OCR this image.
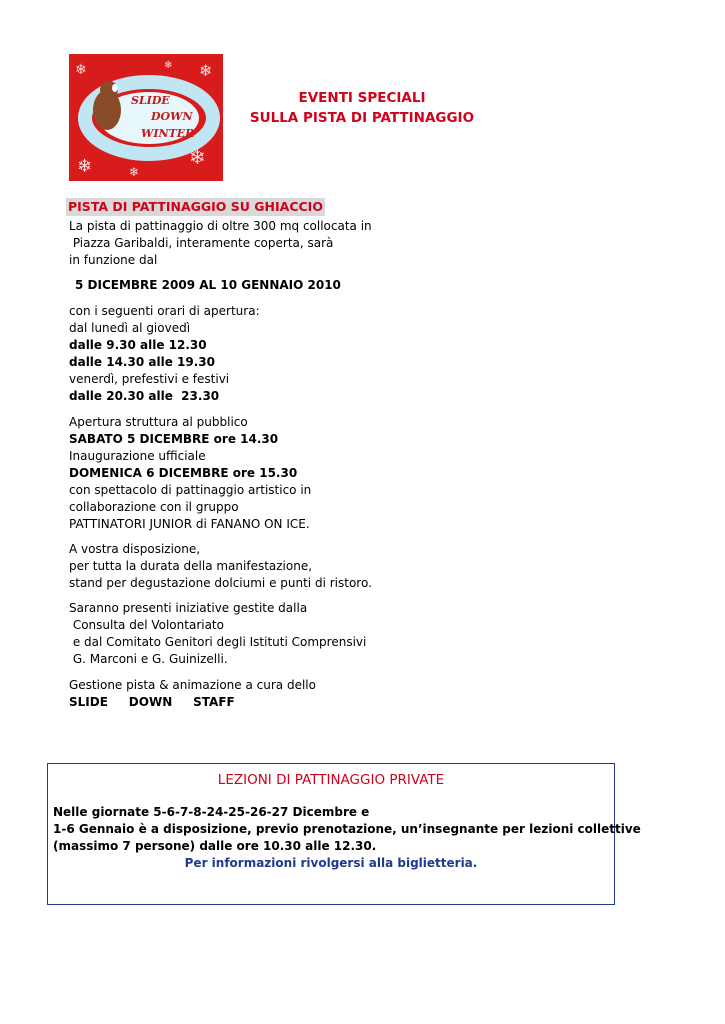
❄	❄
❄
❄
❄
❄
❄
SLIDE
DOWN
WINTER
EVENTI SPECIALI
SULLA PISTA DI PATTINAGGIO
PISTA DI PATTINAGGIO SU GHIACCIO
La pista di pattinaggio di oltre 300 mq collocata in
Piazza Garibaldi, interamente coperta, sarà
in funzione dal
5 DICEMBRE 2009 AL 10 GENNAIO 2010
con i seguenti orari di apertura:
dal lunedì al giovedì
dalle 9.30 alle 12.30
dalle 14.30 alle 19.30
venerdì, prefestivi e festivi
dalle 20.30 alle  23.30
Apertura struttura al pubblico
SABATO 5 DICEMBRE ore 14.30
Inaugurazione ufficiale
DOMENICA 6 DICEMBRE ore 15.30
con spettacolo di pattinaggio artistico in
collaborazione con il gruppo
PATTINATORI JUNIOR di FANANO ON ICE.
A vostra disposizione,
per tutta la durata della manifestazione,
stand per degustazione dolciumi e punti di ristoro.
Saranno presenti iniziative gestite dalla
Consulta del Volontariato
e dal Comitato Genitori degli Istituti Comprensivi
G. Marconi e G. Guinizelli.
Gestione pista & animazione a cura dello
SLIDE     DOWN     STAFF
LEZIONI DI PATTINAGGIO PRIVATE
Nelle giornate 5-6-7-8-24-25-26-27 Dicembre e
1-6 Gennaio è a disposizione, previo prenotazione, un’insegnante per lezioni collettive
(massimo 7 persone) dalle ore 10.30 alle 12.30.
Per informazioni rivolgersi alla biglietteria.
